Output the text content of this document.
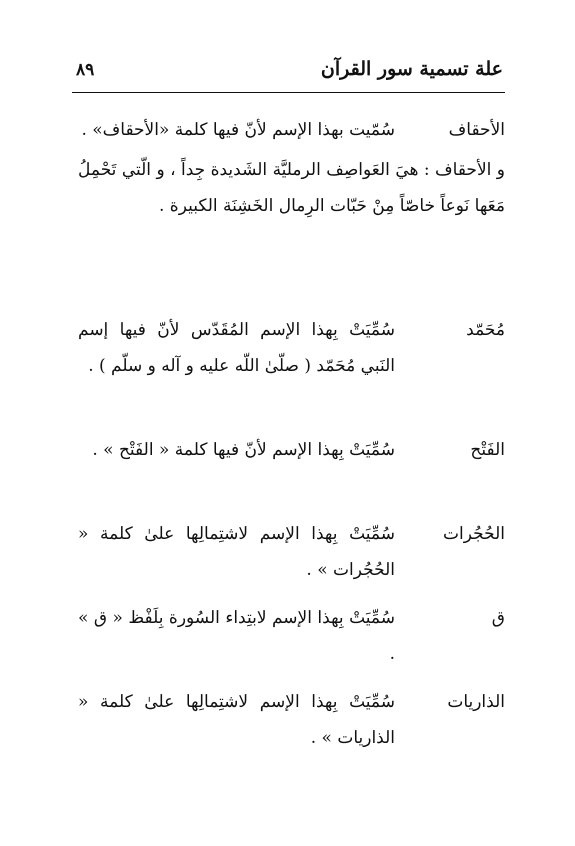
علة تسمية سور القرآن
٨٩
الأحقاف
سُمّيت بهذا الإسم لأنّ فيها كلمة «الأحقاف» .
و الأحقاف : هيَ العَواصِف الرمليَّة الشَديدة جِداً ، و الّتي تَحْمِلُ مَعَها نَوعاً خاصّاً مِنْ حَبّات الرِمال الخَشِنَة الكبيرة .
مُحَمّد
سُمِّيَتْ بِهذا الإسم المُقَدّس لأنّ فيها إسم النَبي مُحَمّد ( صلّىٰ اللّه عليه و آله و سلّم ) .
الفَتْح
سُمِّيَتْ بِهذا الإسم لأنّ فيها كلمة « الفَتْح » .
الحُجُرات
سُمِّيَتْ بِهذا الإسم لاشتِمالِها علىٰ كلمة « الحُجُرات » .
ق
سُمِّيَتْ بِهذا الإسم لابتِداء السُورة بِلَفْظ « ق » .
الذاريات
سُمِّيَتْ بِهذا الإسم لاشتِمالِها علىٰ كلمة « الذاريات » .
